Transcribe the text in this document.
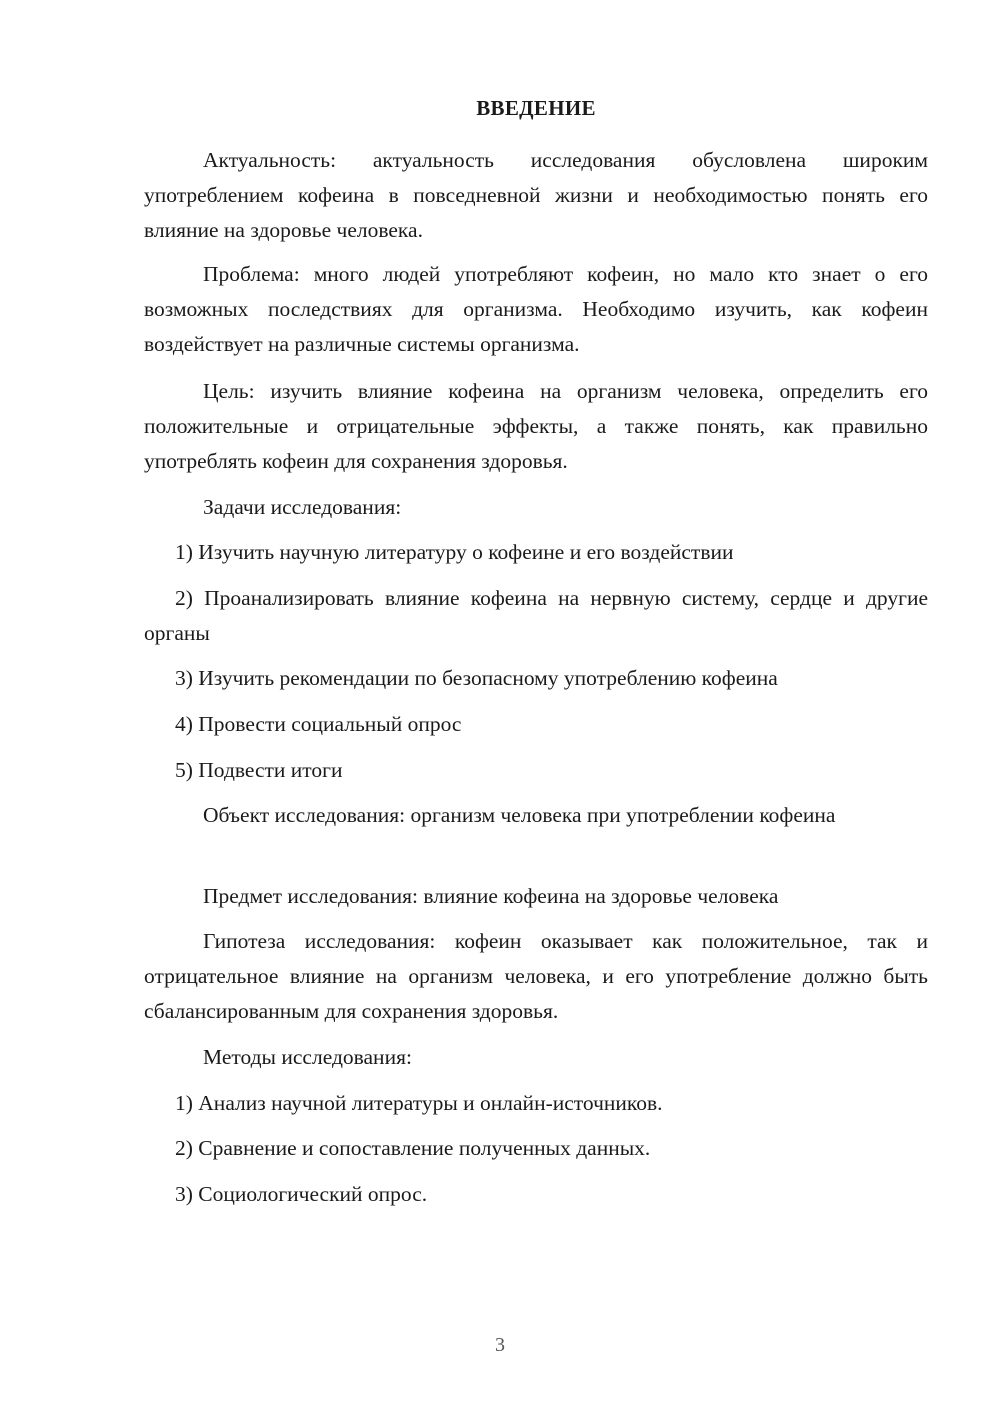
ВВЕДЕНИЕ

Актуальность: актуальность исследования обусловлена широким употреблением кофеина в повседневной жизни и необходимостью понять его влияние на здоровье человека.

Проблема: много людей употребляют кофеин, но мало кто знает о его возможных последствиях для организма. Необходимо изучить, как кофеин воздействует на различные системы организма.

Цель: изучить влияние кофеина на организм человека, определить его положительные и отрицательные эффекты, а также понять, как правильно употреблять кофеин для сохранения здоровья.

Задачи исследования:

1) Изучить научную литературу о кофеине и его воздействии

2) Проанализировать влияние кофеина на нервную систему, сердце и другие органы

3) Изучить рекомендации по безопасному употреблению кофеина

4) Провести социальный опрос

5) Подвести итоги

Объект исследования: организм человека при употреблении кофеина

Предмет исследования: влияние кофеина на здоровье человека

Гипотеза исследования: кофеин оказывает как положительное, так и отрицательное влияние на организм человека, и его употребление должно быть сбалансированным для сохранения здоровья.

Методы исследования:

1) Анализ научной литературы и онлайн-источников.

2) Сравнение и сопоставление полученных данных.

3) Социологический опрос.

3
